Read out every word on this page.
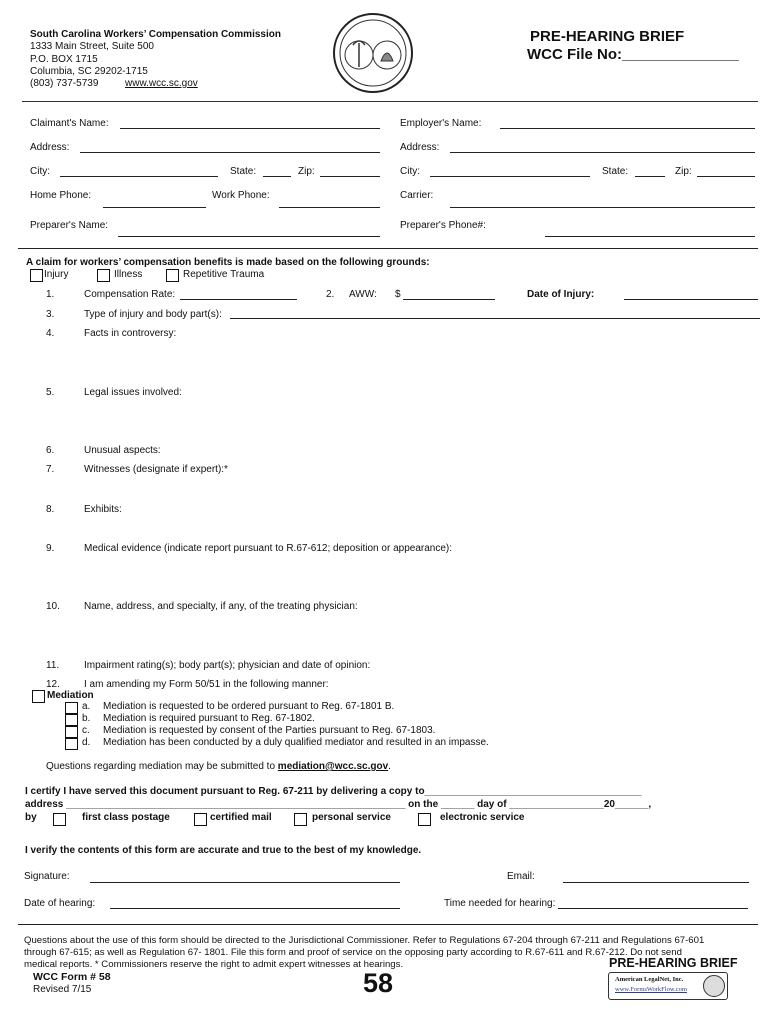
South Carolina Workers’ Compensation Commission
1333 Main Street, Suite 500
P.O. BOX 1715
Columbia, SC 29202-1715
(803) 737-5739	www.wcc.sc.gov
PRE-HEARING BRIEF
WCC File No:______________
Claimant's Name:	Employer's Name:
Address:	Address:
City:	State:	Zip:	City:	State:	Zip:
Home Phone:	Work Phone:	Carrier:
Preparer's Name:	Preparer's Phone#:
A claim for workers’ compensation benefits is made based on the following grounds:
Injury	Illness	Repetitive Trauma
1.	Compensation Rate:	2. AWW: $	Date of Injury:
3.	Type of injury and body part(s):
4.	Facts in controversy:
5.	Legal issues involved:
6.	Unusual aspects:
7.	Witnesses (designate if expert):*
8.	Exhibits:
9.	Medical evidence (indicate report pursuant to R.67-612; deposition or appearance):
10. Name, address, and specialty, if any, of the treating physician:
11. Impairment rating(s); body part(s); physician and date of opinion:
12. I am amending my Form 50/51 in the following manner:
Mediation
a. Mediation is requested to be ordered pursuant to Reg. 67-1801 B.
b. Mediation is required pursuant to Reg. 67-1802.
c. Mediation is requested by consent of the Parties pursuant to Reg. 67-1803.
d. Mediation has been conducted by a duly qualified mediator and resulted in an impasse.
Questions regarding mediation may be submitted to mediation@wcc.sc.gov.
I certify I have served this document pursuant to Reg. 67-211 by delivering a copy to_______________________________________
address _____________________________________________________________ on the ______ day of _________________20______,
by	first class postage	certified mail	personal service	electronic service
I verify the contents of this form are accurate and true to the best of my knowledge.
Signature:	Email:
Date of hearing:	Time needed for hearing:
Questions about the use of this form should be directed to the Jurisdictional Commissioner. Refer to Regulations 67-204 through 67-211 and Regulations 67-601
through 67-615; as well as Regulation 67- 1801. File this form and proof of service on the opposing party according to R.67-611 and R.67-212. Do not send
medical reports. * Commissioners reserve the right to admit expert witnesses at hearings.	PRE-HEARING BRIEF
WCC Form # 58
Revised 7/15	58	American LegalNet, Inc.
www.FormsWorkFlow.com
